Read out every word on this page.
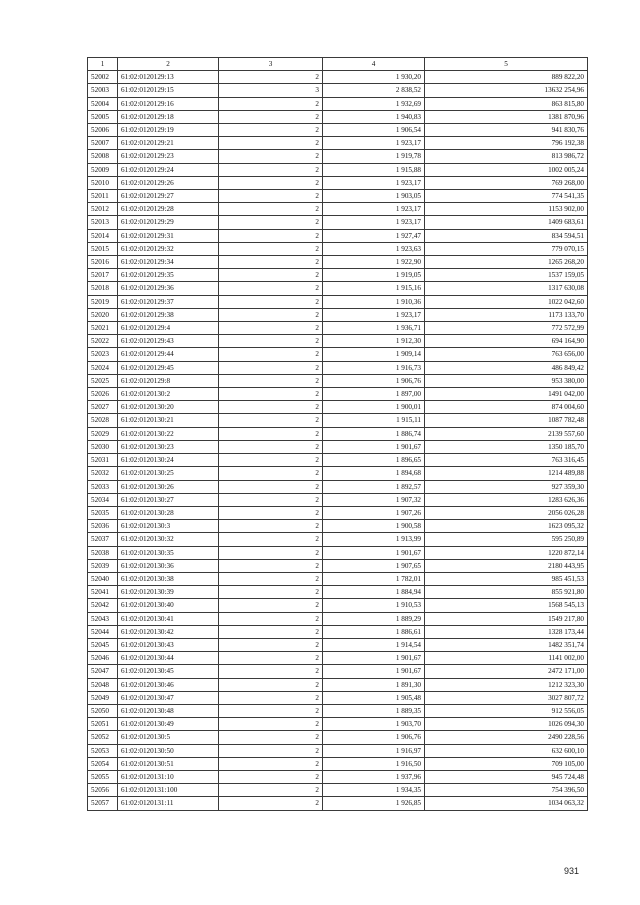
1	2	3	4	5
52002	61:02:0120129:13	2	1 930,20	889 822,20
52003	61:02:0120129:15	3	2 838,52	13632 254,96
52004	61:02:0120129:16	2	1 932,69	863 815,80
52005	61:02:0120129:18	2	1 940,83	1381 870,96
52006	61:02:0120129:19	2	1 906,54	941 830,76
52007	61:02:0120129:21	2	1 923,17	796 192,38
52008	61:02:0120129:23	2	1 919,78	813 986,72
52009	61:02:0120129:24	2	1 915,88	1002 005,24
52010	61:02:0120129:26	2	1 923,17	769 268,00
52011	61:02:0120129:27	2	1 903,05	774 541,35
52012	61:02:0120129:28	2	1 923,17	1153 902,00
52013	61:02:0120129:29	2	1 923,17	1409 683,61
52014	61:02:0120129:31	2	1 927,47	834 594,51
52015	61:02:0120129:32	2	1 923,63	779 070,15
52016	61:02:0120129:34	2	1 922,90	1265 268,20
52017	61:02:0120129:35	2	1 919,05	1537 159,05
52018	61:02:0120129:36	2	1 915,16	1317 630,08
52019	61:02:0120129:37	2	1 910,36	1022 042,60
52020	61:02:0120129:38	2	1 923,17	1173 133,70
52021	61:02:0120129:4	2	1 936,71	772 572,99
52022	61:02:0120129:43	2	1 912,30	694 164,90
52023	61:02:0120129:44	2	1 909,14	763 656,00
52024	61:02:0120129:45	2	1 916,73	486 849,42
52025	61:02:0120129:8	2	1 906,76	953 380,00
52026	61:02:0120130:2	2	1 897,00	1491 042,00
52027	61:02:0120130:20	2	1 900,01	874 004,60
52028	61:02:0120130:21	2	1 915,11	1087 782,48
52029	61:02:0120130:22	2	1 886,74	2139 557,60
52030	61:02:0120130:23	2	1 901,67	1350 185,70
52031	61:02:0120130:24	2	1 896,65	763 316,45
52032	61:02:0120130:25	2	1 894,68	1214 489,88
52033	61:02:0120130:26	2	1 892,57	927 359,30
52034	61:02:0120130:27	2	1 907,32	1283 626,36
52035	61:02:0120130:28	2	1 907,26	2056 026,28
52036	61:02:0120130:3	2	1 900,58	1623 095,32
52037	61:02:0120130:32	2	1 913,99	595 250,89
52038	61:02:0120130:35	2	1 901,67	1220 872,14
52039	61:02:0120130:36	2	1 907,65	2180 443,95
52040	61:02:0120130:38	2	1 782,01	985 451,53
52041	61:02:0120130:39	2	1 884,94	855 921,80
52042	61:02:0120130:40	2	1 910,53	1568 545,13
52043	61:02:0120130:41	2	1 889,29	1549 217,80
52044	61:02:0120130:42	2	1 886,61	1328 173,44
52045	61:02:0120130:43	2	1 914,54	1482 351,74
52046	61:02:0120130:44	2	1 901,67	1141 002,00
52047	61:02:0120130:45	2	1 901,67	2472 171,00
52048	61:02:0120130:46	2	1 891,30	1212 323,30
52049	61:02:0120130:47	2	1 905,48	3027 807,72
52050	61:02:0120130:48	2	1 889,35	912 556,05
52051	61:02:0120130:49	2	1 903,70	1026 094,30
52052	61:02:0120130:5	2	1 906,76	2490 228,56
52053	61:02:0120130:50	2	1 916,97	632 600,10
52054	61:02:0120130:51	2	1 916,50	709 105,00
52055	61:02:0120131:10	2	1 937,96	945 724,48
52056	61:02:0120131:100	2	1 934,35	754 396,50
52057	61:02:0120131:11	2	1 926,85	1034 063,32
931
